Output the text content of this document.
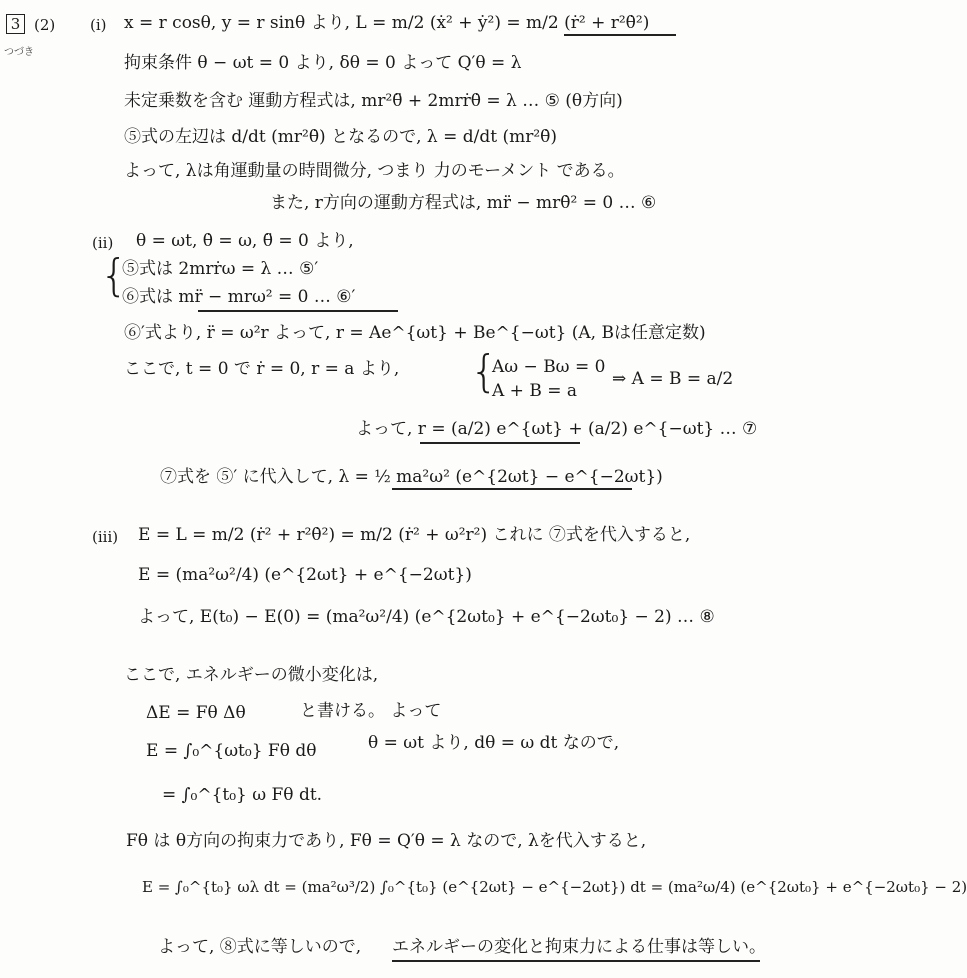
3 (2)
つづき
(i) x = r cosθ, y = r sinθ より, L = m/2 (ẋ² + ẏ²) = m/2 (ṙ² + r²θ̇²)
拘束条件 θ − ωt = 0 より, δθ = 0 よって Q′θ = λ
未定乗数を含む 運動方程式は, mr²θ̈ + 2mrṙθ̇ = λ … ⑤ (θ方向)
⑤式の左辺は d/dt (mr²θ̇) となるので, λ = d/dt (mr²θ̇)
よって, λは角運動量の時間微分, つまり 力のモーメント である。
また, r方向の運動方程式は, mr̈ − mrθ̇² = 0 … ⑥
(ii) θ = ωt, θ̇ = ω, θ̈ = 0 より,
{
⑤式は 2mrṙω = λ … ⑤′
⑥式は mr̈ − mrω² = 0 … ⑥′
⑥′式より, r̈ = ω²r よって, r = Ae^{ωt} + Be^{−ωt} (A, Bは任意定数)
ここで, t = 0 で ṙ = 0, r = a より, {
Aω − Bω = 0
A + B = a
⇒ A = B = a/2
よって, r = (a/2) e^{ωt} + (a/2) e^{−ωt} … ⑦
⑦式を ⑤′ に代入して, λ = ½ ma²ω² (e^{2ωt} − e^{−2ωt})
(iii) E = L = m/2 (ṙ² + r²θ̇²) = m/2 (ṙ² + ω²r²) これに ⑦式を代入すると,
E = (ma²ω²/4) (e^{2ωt} + e^{−2ωt})
よって, E(t₀) − E(0) = (ma²ω²/4) (e^{2ωt₀} + e^{−2ωt₀} − 2) … ⑧
ここで, エネルギーの微小変化は,
ΔE = Fθ Δθ	と書ける。 よって
E = ∫₀^{ωt₀} Fθ dθ	θ = ωt より, dθ = ω dt なので,
= ∫₀^{t₀} ω Fθ dt.
Fθ は θ方向の拘束力であり, Fθ = Q′θ = λ なので, λを代入すると,
E = ∫₀^{t₀} ωλ dt = (ma²ω³/2) ∫₀^{t₀} (e^{2ωt} − e^{−2ωt}) dt = (ma²ω/4) (e^{2ωt₀} + e^{−2ωt₀} − 2)
よって, ⑧式に等しいので, エネルギーの変化と拘束力による仕事は等しい。
